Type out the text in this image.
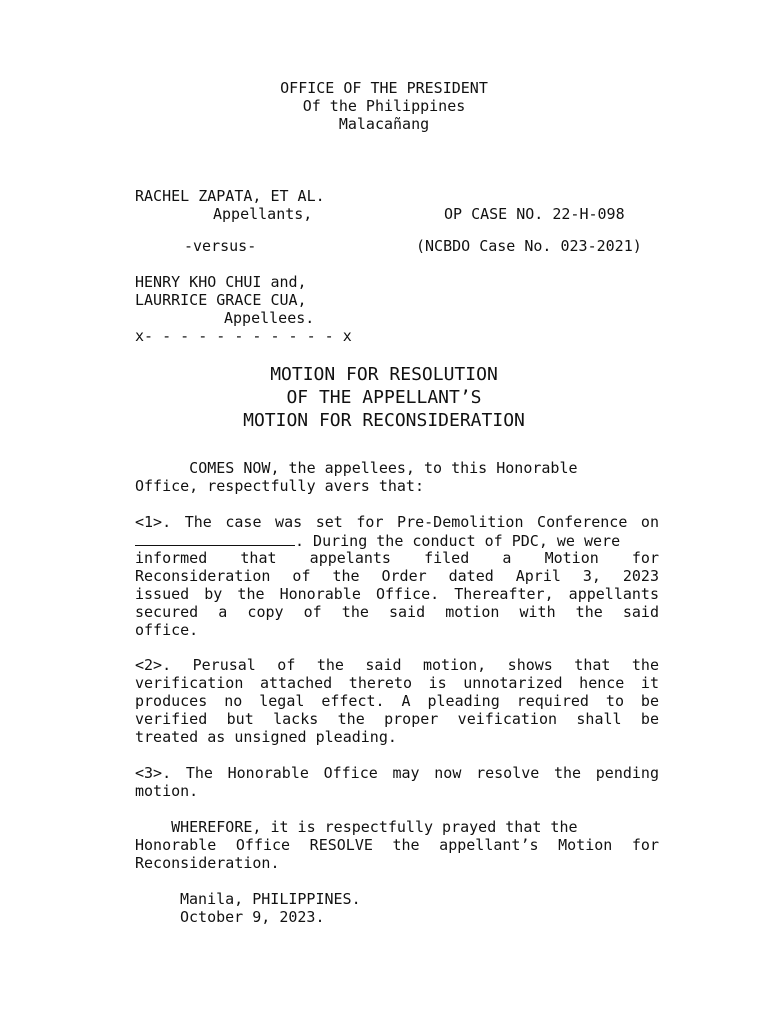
OFFICE OF THE PRESIDENT
Of the Philippines
Malacañang
RACHEL ZAPATA, ET AL.
Appellants,	OP CASE NO. 22-H-098
-versus-	(NCBDO Case No. 023-2021)
HENRY KHO CHUI and,
LAURRICE GRACE CUA,
Appellees.
x- - - - - - - - - - - x
MOTION FOR RESOLUTION
OF THE APPELLANT’S
MOTION FOR RECONSIDERATION
COMES NOW, the appellees, to this Honorable
Office, respectfully avers that:
<1>. The case was set for Pre-Demolition Conference on
. During the conduct of PDC, we were
informed that appelants filed a Motion for
Reconsideration of the Order dated April 3, 2023
issued by the Honorable Office. Thereafter, appellants
secured a copy of the said motion with the said
office.
<2>. Perusal of the said motion, shows that the
verification attached thereto is unnotarized hence it
produces no legal effect. A pleading required to be
verified but lacks the proper veification shall be
treated as unsigned pleading.
<3>. The Honorable Office may now resolve the pending
motion.
WHEREFORE, it is respectfully prayed that the
Honorable Office RESOLVE the appellant’s Motion for
Reconsideration.
Manila, PHILIPPINES.
October 9, 2023.
